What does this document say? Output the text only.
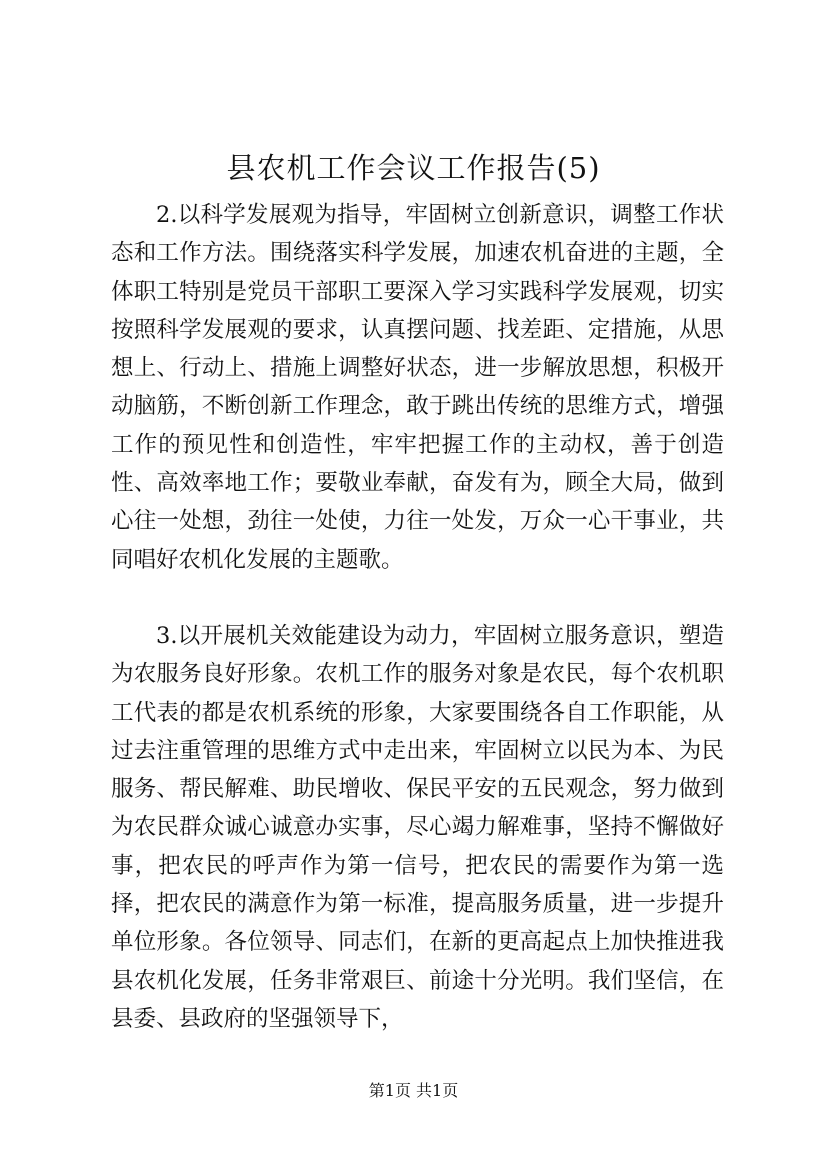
县农机工作会议工作报告(5)

2.以科学发展观为指导，牢固树立创新意识，调整工作状态和工作方法。围绕落实科学发展，加速农机奋进的主题，全体职工特别是党员干部职工要深入学习实践科学发展观，切实按照科学发展观的要求，认真摆问题、找差距、定措施，从思想上、行动上、措施上调整好状态，进一步解放思想，积极开动脑筋，不断创新工作理念，敢于跳出传统的思维方式，增强工作的预见性和创造性，牢牢把握工作的主动权，善于创造性、高效率地工作；要敬业奉献，奋发有为，顾全大局，做到心往一处想，劲往一处使，力往一处发，万众一心干事业，共同唱好农机化发展的主题歌。

3.以开展机关效能建设为动力，牢固树立服务意识，塑造为农服务良好形象。农机工作的服务对象是农民，每个农机职工代表的都是农机系统的形象，大家要围绕各自工作职能，从过去注重管理的思维方式中走出来，牢固树立以民为本、为民服务、帮民解难、助民增收、保民平安的五民观念，努力做到为农民群众诚心诚意办实事，尽心竭力解难事，坚持不懈做好事，把农民的呼声作为第一信号，把农民的需要作为第一选择，把农民的满意作为第一标准，提高服务质量，进一步提升单位形象。各位领导、同志们，在新的更高起点上加快推进我县农机化发展，任务非常艰巨、前途十分光明。我们坚信，在县委、县政府的坚强领导下，

第1页 共1页
